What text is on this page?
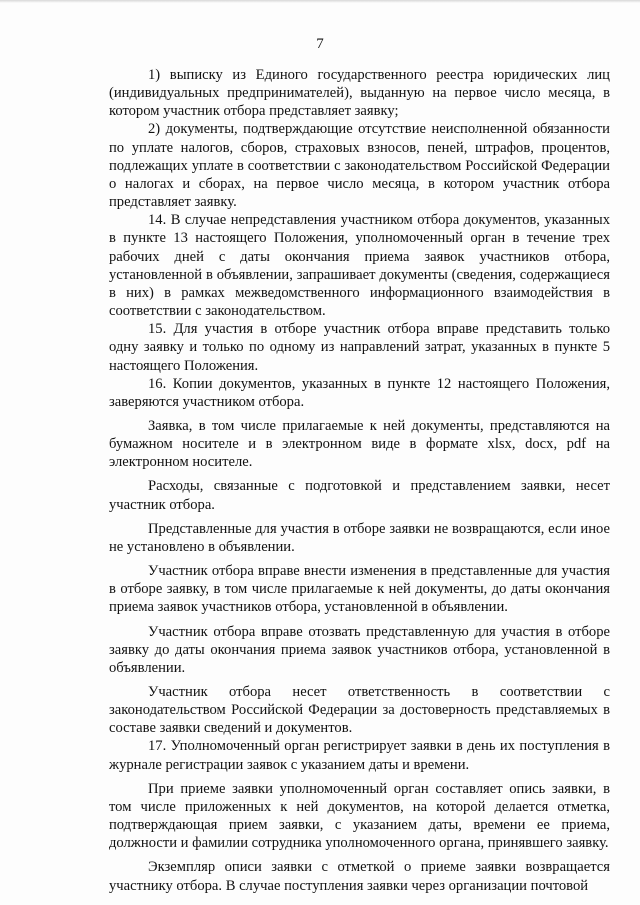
7

1) выписку из Единого государственного реестра юридических лиц (индивидуальных предпринимателей), выданную на первое число месяца, в котором участник отбора представляет заявку;

2) документы, подтверждающие отсутствие неисполненной обязанности по уплате налогов, сборов, страховых взносов, пеней, штрафов, процентов, подлежащих уплате в соответствии с законодательством Российской Федерации о налогах и сборах, на первое число месяца, в котором участник отбора представляет заявку.

14. В случае непредставления участником отбора документов, указанных в пункте 13 настоящего Положения, уполномоченный орган в течение трех рабочих дней с даты окончания приема заявок участников отбора, установленной в объявлении, запрашивает документы (сведения, содержащиеся в них) в рамках межведомственного информационного взаимодействия в соответствии с законодательством.

15. Для участия в отборе участник отбора вправе представить только одну заявку и только по одному из направлений затрат, указанных в пункте 5 настоящего Положения.

16. Копии документов, указанных в пункте 12 настоящего Положения, заверяются участником отбора.

Заявка, в том числе прилагаемые к ней документы, представляются на бумажном носителе и в электронном виде в формате xlsx, docx, pdf на электронном носителе.

Расходы, связанные с подготовкой и представлением заявки, несет участник отбора.

Представленные для участия в отборе заявки не возвращаются, если иное не установлено в объявлении.

Участник отбора вправе внести изменения в представленные для участия в отборе заявку, в том числе прилагаемые к ней документы, до даты окончания приема заявок участников отбора, установленной в объявлении.

Участник отбора вправе отозвать представленную для участия в отборе заявку до даты окончания приема заявок участников отбора, установленной в объявлении.

Участник отбора несет ответственность в соответствии с законодательством Российской Федерации за достоверность представляемых в составе заявки сведений и документов.

17. Уполномоченный орган регистрирует заявки в день их поступления в журнале регистрации заявок с указанием даты и времени.

При приеме заявки уполномоченный орган составляет опись заявки, в том числе приложенных к ней документов, на которой делается отметка, подтверждающая прием заявки, с указанием даты, времени ее приема, должности и фамилии сотрудника уполномоченного органа, принявшего заявку.

Экземпляр описи заявки с отметкой о приеме заявки возвращается участнику отбора. В случае поступления заявки через организации почтовой
